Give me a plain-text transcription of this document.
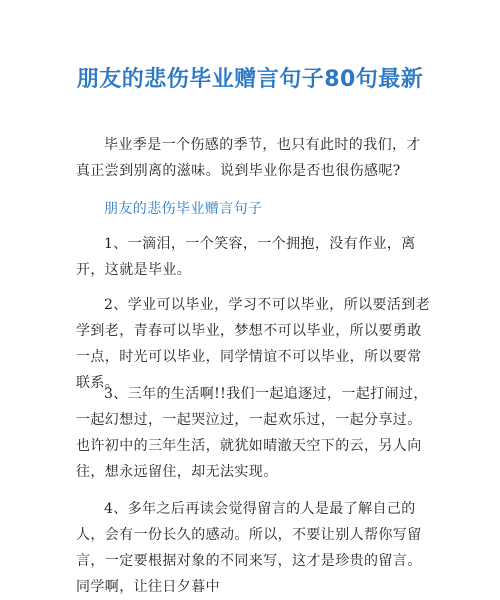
朋友的悲伤毕业赠言句子80句最新
毕业季是一个伤感的季节，也只有此时的我们，才真正尝到别离的滋味。说到毕业你是否也很伤感呢?
朋友的悲伤毕业赠言句子
1、一滴泪，一个笑容，一个拥抱，没有作业，离开，这就是毕业。
2、学业可以毕业，学习不可以毕业，所以要活到老学到老，青春可以毕业，梦想不可以毕业，所以要勇敢一点，时光可以毕业，同学情谊不可以毕业，所以要常联系。
3、三年的生活啊!!我们一起追逐过，一起打闹过，一起幻想过，一起哭泣过，一起欢乐过，一起分享过。也许初中的三年生活，就犹如晴澈天空下的云，另人向往，想永远留住，却无法实现。
4、多年之后再读会觉得留言的人是最了解自己的人，会有一份长久的感动。所以，不要让别人帮你写留言，一定要根据对象的不同来写，这才是珍贵的留言。同学啊，让往日夕暮中
